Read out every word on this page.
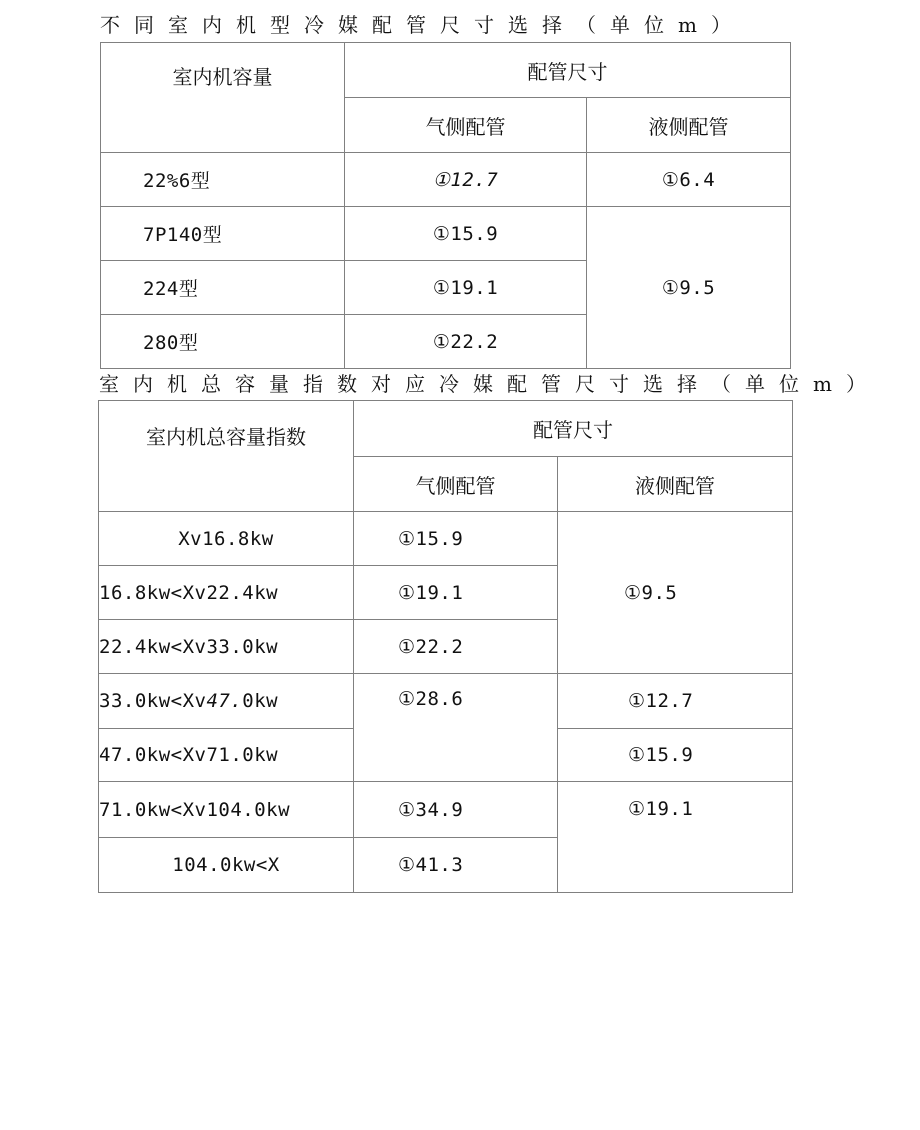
不同室内机型冷媒配管尺寸选择（单位m）
室内机容量	配管尺寸	
	气侧配管	液侧配管
22%6型	①12.7	①6.4
7P140型	①15.9	①9.5
224型	①19.1	
280型	①22.2	
室内机总容量指数对应冷媒配管尺寸选择（单位m）
室内机总容量指数	配管尺寸	
	气侧配管	液侧配管
Xv16.8kw	①15.9	①9.5
16.8kw<Xv22.4kw	①19.1	
22.4kw<Xv33.0kw	①22.2	
33.0kw<Xv47.0kw	①28.6	①12.7
47.0kw<Xv71.0kw		①15.9
71.0kw<Xv104.0kw	①34.9	①19.1
104.0kw<X	①41.3	
